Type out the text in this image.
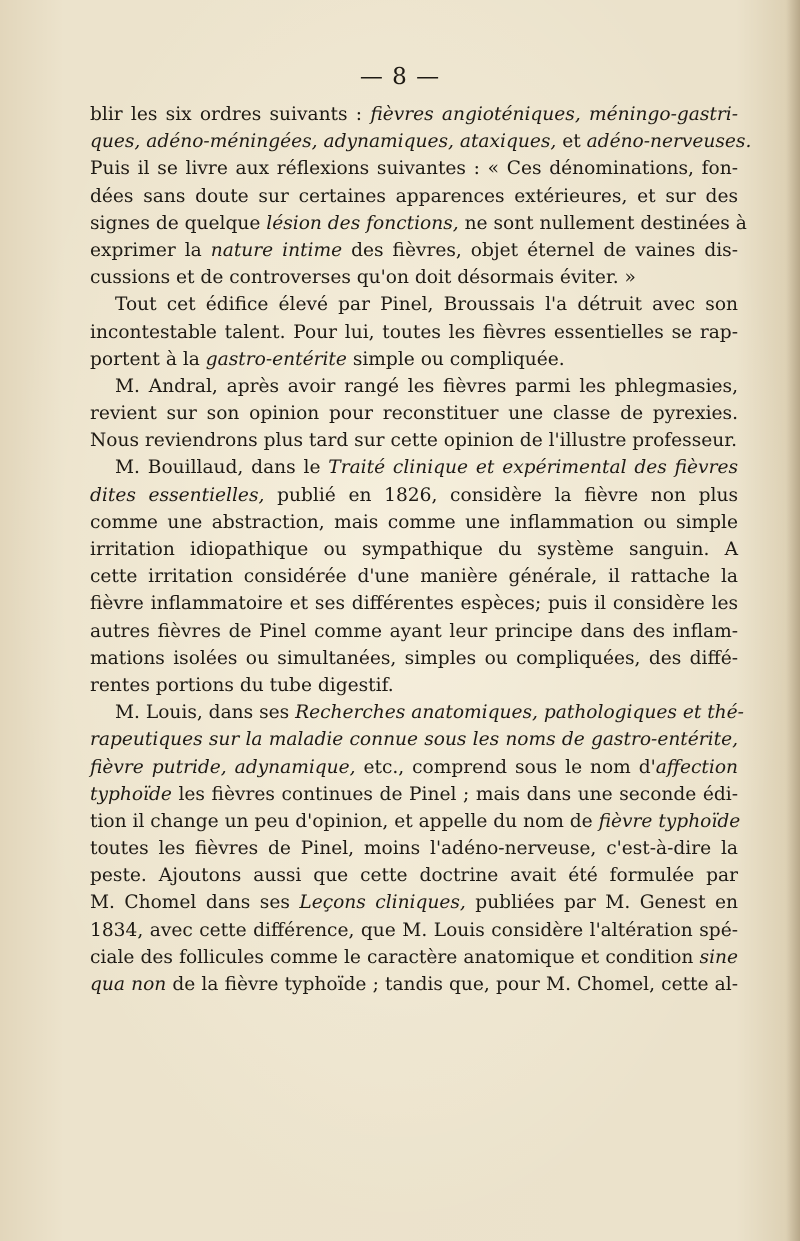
— 8 —
blir les six ordres suivants : fièvres angioténiques, méningo-gastri-
ques, adéno-méningées, adynamiques, ataxiques, et adéno-nerveuses.
Puis il se livre aux réflexions suivantes : « Ces dénominations, fon-
dées sans doute sur certaines apparences extérieures, et sur des
signes de quelque lésion des fonctions, ne sont nullement destinées à
exprimer la nature intime des fièvres, objet éternel de vaines dis-
cussions et de controverses qu'on doit désormais éviter. »
Tout cet édifice élevé par Pinel, Broussais l'a détruit avec son
incontestable talent. Pour lui, toutes les fièvres essentielles se rap-
portent à la gastro-entérite simple ou compliquée.
M. Andral, après avoir rangé les fièvres parmi les phlegmasies,
revient sur son opinion pour reconstituer une classe de pyrexies.
Nous reviendrons plus tard sur cette opinion de l'illustre professeur.
M. Bouillaud, dans le Traité clinique et expérimental des fièvres
dites essentielles, publié en 1826, considère la fièvre non plus
comme une abstraction, mais comme une inflammation ou simple
irritation idiopathique ou sympathique du système sanguin. A
cette irritation considérée d'une manière générale, il rattache la
fièvre inflammatoire et ses différentes espèces; puis il considère les
autres fièvres de Pinel comme ayant leur principe dans des inflam-
mations isolées ou simultanées, simples ou compliquées, des diffé-
rentes portions du tube digestif.
M. Louis, dans ses Recherches anatomiques, pathologiques et thé-
rapeutiques sur la maladie connue sous les noms de gastro-entérite,
fièvre putride, adynamique, etc., comprend sous le nom d'affection
typhoïde les fièvres continues de Pinel ; mais dans une seconde édi-
tion il change un peu d'opinion, et appelle du nom de fièvre typhoïde
toutes les fièvres de Pinel, moins l'adéno-nerveuse, c'est-à-dire la
peste. Ajoutons aussi que cette doctrine avait été formulée par
M. Chomel dans ses Leçons cliniques, publiées par M. Genest en
1834, avec cette différence, que M. Louis considère l'altération spé-
ciale des follicules comme le caractère anatomique et condition sine
qua non de la fièvre typhoïde ; tandis que, pour M. Chomel, cette al-
